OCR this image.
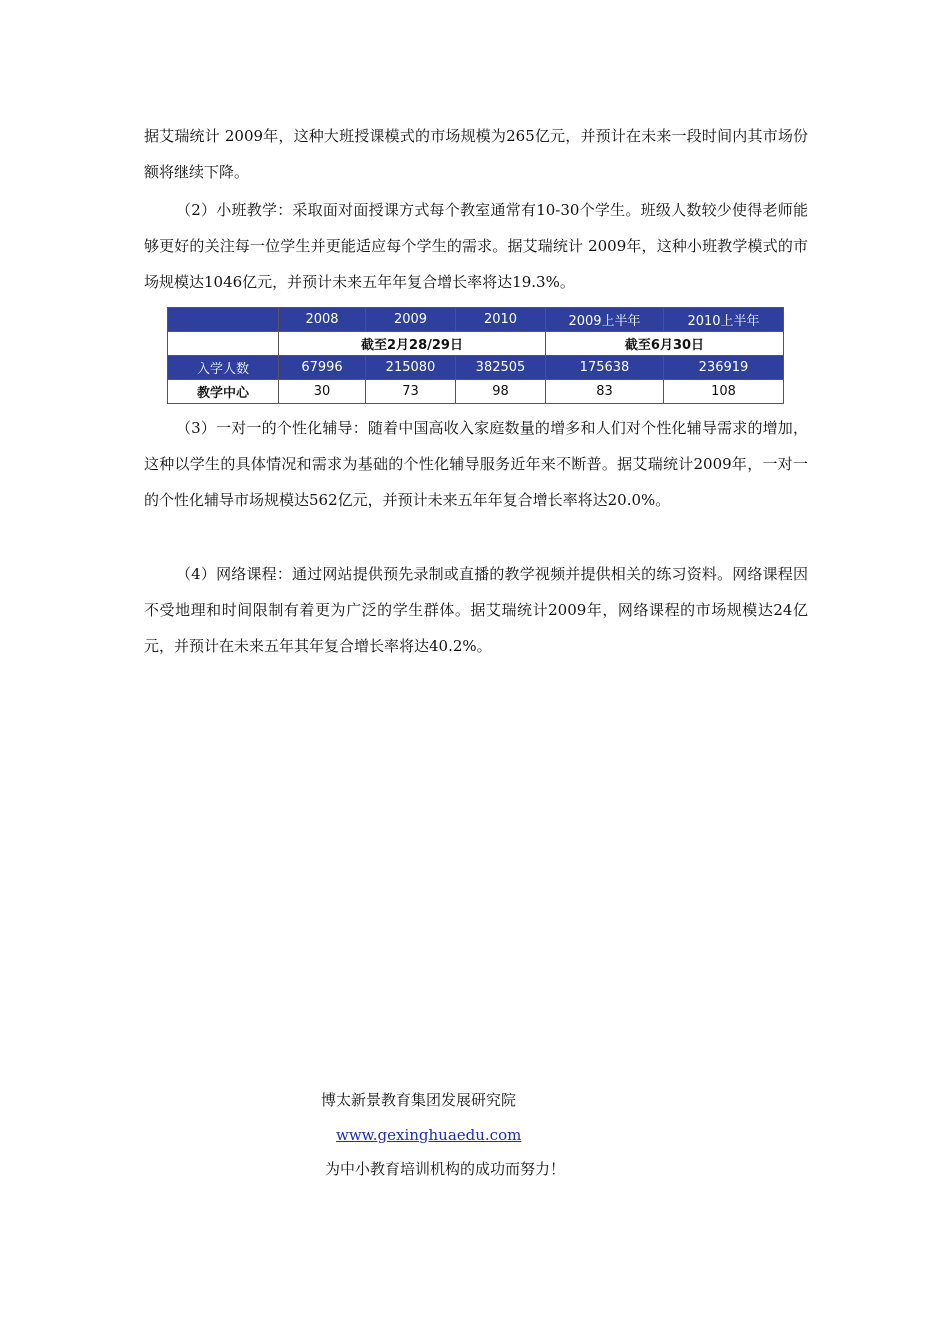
据艾瑞统计 2009年，这种大班授课模式的市场规模为265亿元，并预计在未来一段时间内其市场份额将继续下降。

（2）小班教学：采取面对面授课方式每个教室通常有10-30个学生。班级人数较少使得老师能够更好的关注每一位学生并更能适应每个学生的需求。据艾瑞统计 2009年，这种小班教学模式的市场规模达1046亿元，并预计未来五年年复合增长率将达19.3%。

	2008	2009	2010	2009上半年	2010上半年
	截至2月28/29日			截至6月30日	
入学人数	67996	215080	382505	175638	236919
教学中心	30	73	98	83	108

（3）一对一的个性化辅导：随着中国高收入家庭数量的增多和人们对个性化辅导需求的增加，这种以学生的具体情况和需求为基础的个性化辅导服务近年来不断普。据艾瑞统计2009年，一对一的个性化辅导市场规模达562亿元，并预计未来五年年复合增长率将达20.0%。

（4）网络课程：通过网站提供预先录制或直播的教学视频并提供相关的练习资料。网络课程因不受地理和时间限制有着更为广泛的学生群体。据艾瑞统计2009年，网络课程的市场规模达24亿元，并预计在未来五年其年复合增长率将达40.2%。

博太新景教育集团发展研究院
www.gexinghuaedu.com
为中小教育培训机构的成功而努力！
